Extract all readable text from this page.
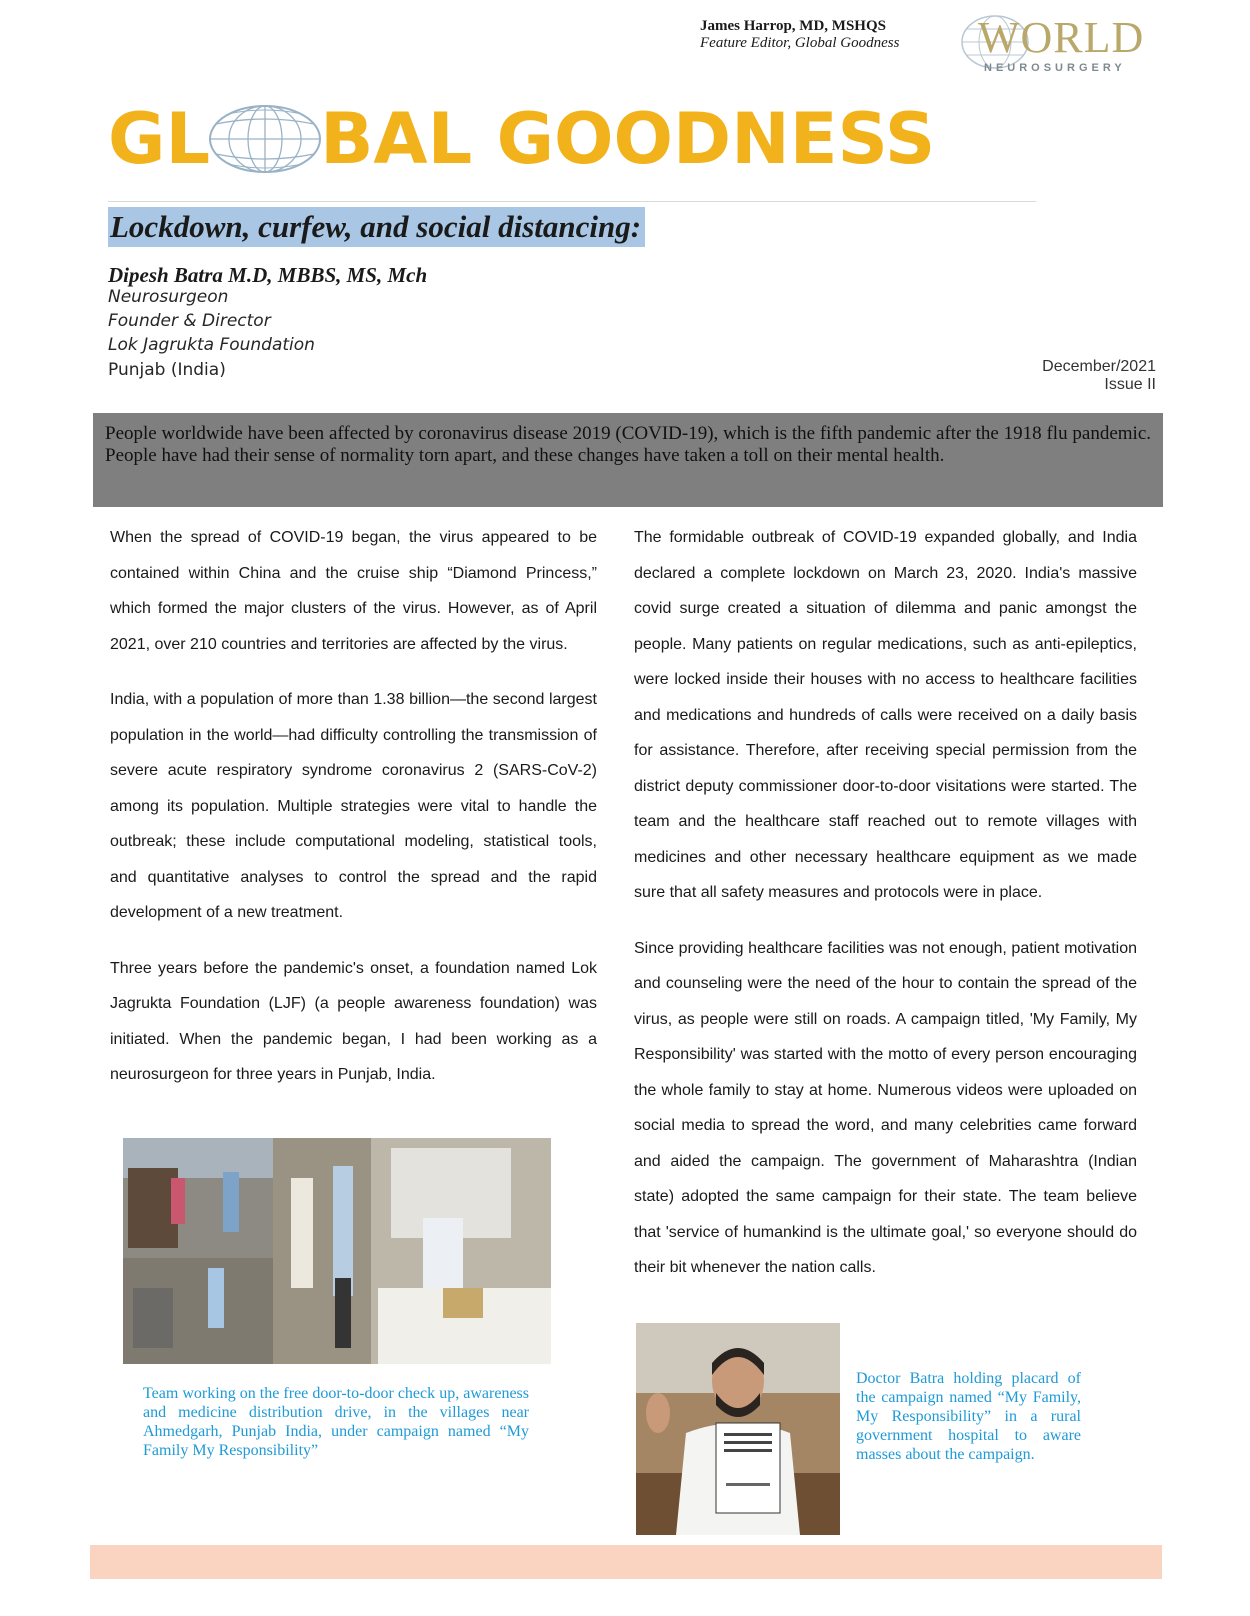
James Harrop, MD, MSHQS
Feature Editor, Global Goodness WORLD
NEUROSURGERY
GL BAL GOODNESS
Lockdown, curfew, and social distancing:
Dipesh Batra M.D, MBBS, MS, Mch
Neurosurgeon
Founder & Director
Lok Jagrukta Foundation
Punjab (India)	December/2021
Issue II

People worldwide have been affected by coronavirus disease 2019 (COVID-19), which is the fifth pandemic after the 1918 flu pandemic. People have had their sense of normality torn apart, and these changes have taken a toll on their mental health.

When the spread of COVID-19 began, the virus appeared to be contained within China and the cruise ship “Diamond Princess,” which formed the major clusters of the virus. However, as of April 2021, over 210 countries and territories are affected by the virus.

India, with a population of more than 1.38 billion—the second largest population in the world—had difficulty controlling the transmission of severe acute respiratory syndrome coronavirus 2 (SARS-CoV-2) among its population. Multiple strategies were vital to handle the outbreak; these include computational modeling, statistical tools, and quantitative analyses to control the spread and the rapid development of a new treatment.

Three years before the pandemic's onset, a foundation named Lok Jagrukta Foundation (LJF) (a people awareness foundation) was initiated. When the pandemic began, I had been working as a neurosurgeon for three years in Punjab, India.

The formidable outbreak of COVID-19 expanded globally, and India declared a complete lockdown on March 23, 2020. India's massive covid surge created a situation of dilemma and panic amongst the people. Many patients on regular medications, such as anti-epileptics, were locked inside their houses with no access to healthcare facilities and medications and hundreds of calls were received on a daily basis for assistance. Therefore, after receiving special permission from the district deputy commissioner door-to-door visitations were started. The team and the healthcare staff reached out to remote villages with medicines and other necessary healthcare equipment as we made sure that all safety measures and protocols were in place.

Since providing healthcare facilities was not enough, patient motivation and counseling were the need of the hour to contain the spread of the virus, as people were still on roads. A campaign titled, 'My Family, My Responsibility' was started with the motto of every person encouraging the whole family to stay at home. Numerous videos were uploaded on social media to spread the word, and many celebrities came forward and aided the campaign. The government of Maharashtra (Indian state) adopted the same campaign for their state. The team believe that 'service of humankind is the ultimate goal,' so everyone should do their bit whenever the nation calls.

Team working on the free door-to-door check up, awareness and medicine distribution drive, in the villages near Ahmedgarh, Punjab India, under campaign named “My Family My Responsibility”
Doctor Batra holding placard of the campaign named “My Family, My Responsibility” in a rural government hospital to aware masses about the campaign.
